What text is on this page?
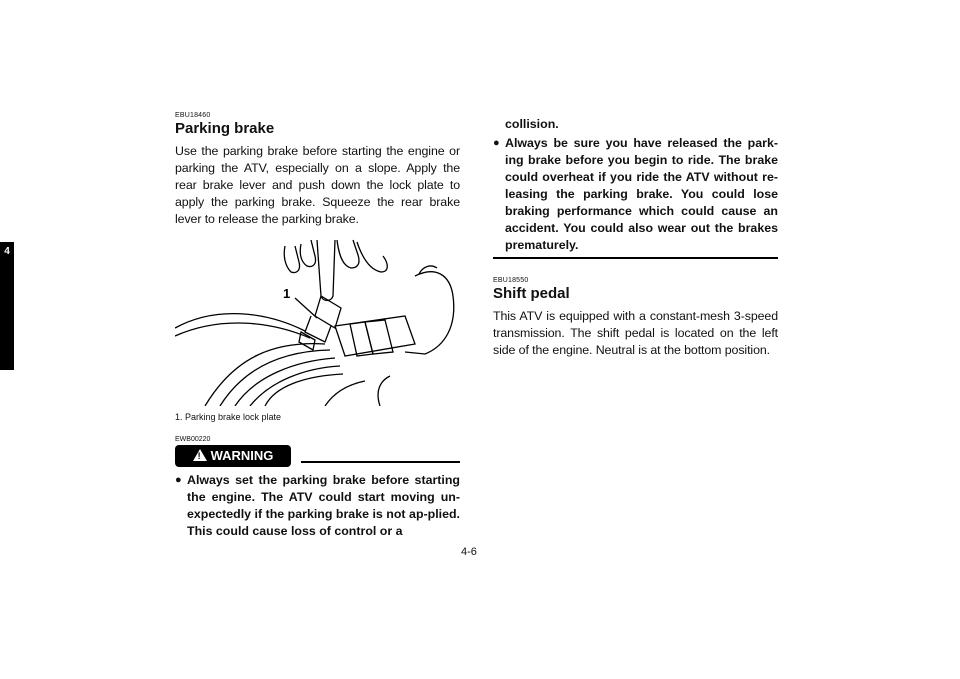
4
EBU18460
Parking brake

Use the parking brake before starting the engine or parking the ATV, especially on a slope. Apply the rear brake lever and push down the lock plate to apply the parking brake. Squeeze the rear brake lever to release the parking brake.

1
1. Parking brake lock plate
EWB00220
! WARNING
● Always set the parking brake before starting the engine. The ATV could start moving un-expectedly if the parking brake is not ap-plied. This could cause loss of control or a
collision.
● Always be sure you have released the park-ing brake before you begin to ride. The brake could overheat if you ride the ATV without re-leasing the parking brake. You could lose braking performance which could cause an accident. You could also wear out the brakes prematurely.
EBU18550
Shift pedal

This ATV is equipped with a constant-mesh 3-speed transmission. The shift pedal is located on the left side of the engine. Neutral is at the bottom position.

4-6
